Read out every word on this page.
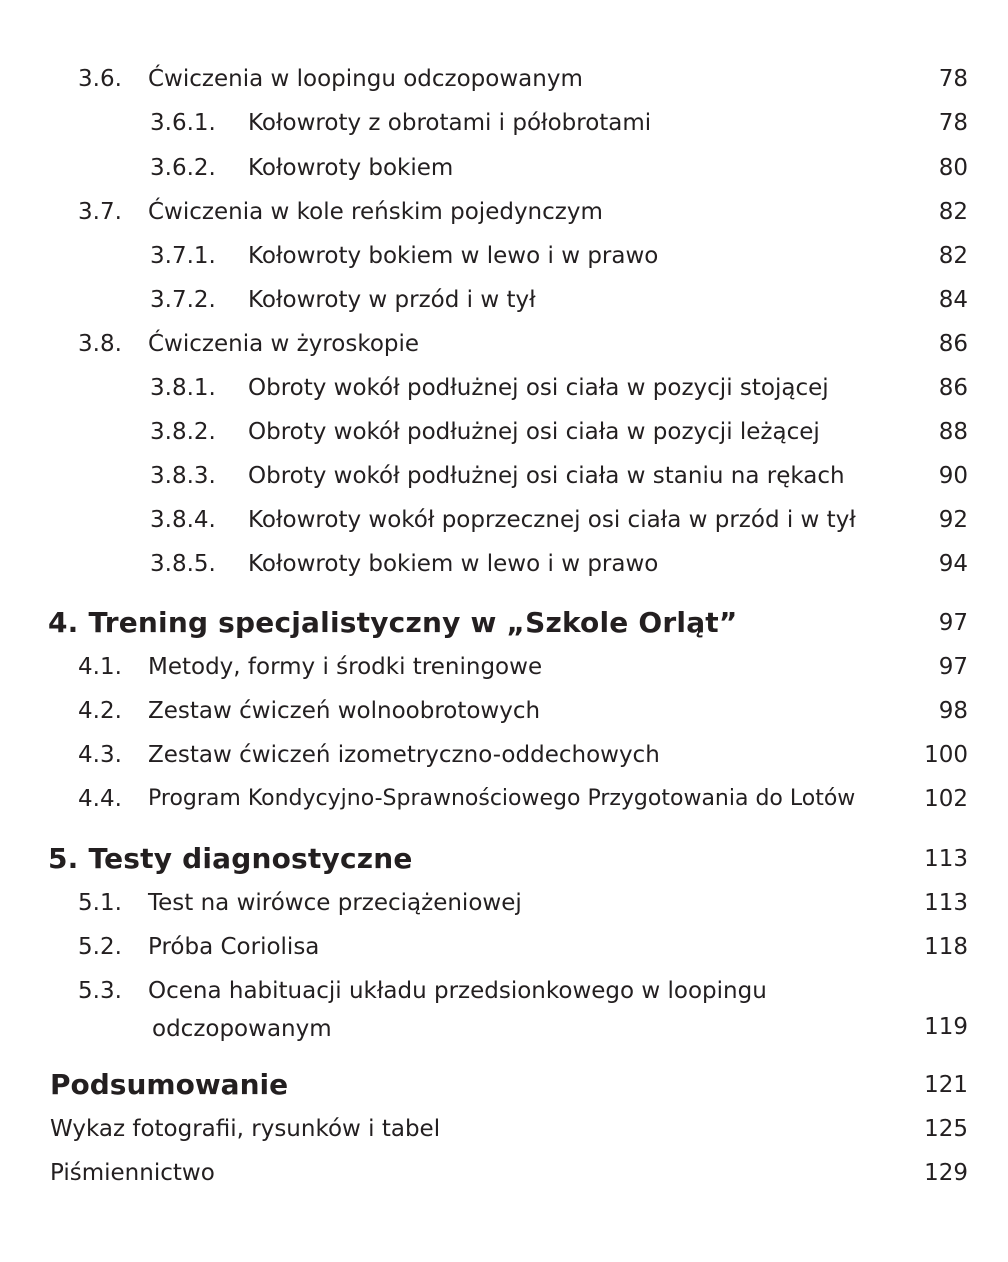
3.6. Ćwiczenia w loopingu odczopowanym	78
3.6.1. Kołowroty z obrotami i półobrotami	78
3.6.2. Kołowroty bokiem	80
3.7. Ćwiczenia w kole reńskim pojedynczym	82
3.7.1. Kołowroty bokiem w lewo i w prawo	82
3.7.2. Kołowroty w przód i w tył	84
3.8. Ćwiczenia w żyroskopie	86
3.8.1. Obroty wokół podłużnej osi ciała w pozycji stojącej	86
3.8.2. Obroty wokół podłużnej osi ciała w pozycji leżącej	88
3.8.3. Obroty wokół podłużnej osi ciała w staniu na rękach	90
3.8.4. Kołowroty wokół poprzecznej osi ciała w przód i w tył	92
3.8.5. Kołowroty bokiem w lewo i w prawo	94
4. Trening specjalistyczny w „Szkole Orląt”	97
4.1. Metody, formy i środki treningowe	97
4.2. Zestaw ćwiczeń wolnoobrotowych	98
4.3. Zestaw ćwiczeń izometryczno-oddechowych	100
4.4. Program Kondycyjno-Sprawnościowego Przygotowania do Lotów	102
5. Testy diagnostyczne	113
5.1. Test na wirówce przeciążeniowej	113
5.2. Próba Coriolisa	118
5.3. Ocena habituacji układu przedsionkowego w loopingu
odczopowanym	119
Podsumowanie	121
Wykaz fotografii, rysunków i tabel	125
Piśmiennictwo	129
